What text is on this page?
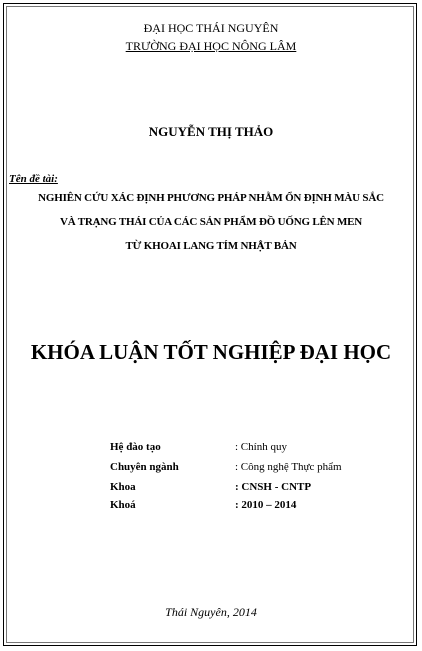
ĐẠI HỌC THÁI NGUYÊN
TRƯỜNG ĐẠI HỌC NÔNG LÂM
NGUYỄN THỊ THẢO
Tên đề tài:
NGHIÊN CỨU XÁC ĐỊNH PHƯƠNG PHÁP NHẰM ỔN ĐỊNH MÀU SẮC
VÀ TRẠNG THÁI CỦA CÁC SẢN PHẨM ĐỒ UỐNG LÊN MEN
TỪ KHOAI LANG TÍM NHẬT BẢN
KHÓA LUẬN TỐT NGHIỆP ĐẠI HỌC
Hệ đào tạo	: Chính quy
Chuyên ngành	: Công nghệ Thực phẩm
Khoa	: CNSH - CNTP
Khoá	: 2010 – 2014
Thái Nguyên, 2014
